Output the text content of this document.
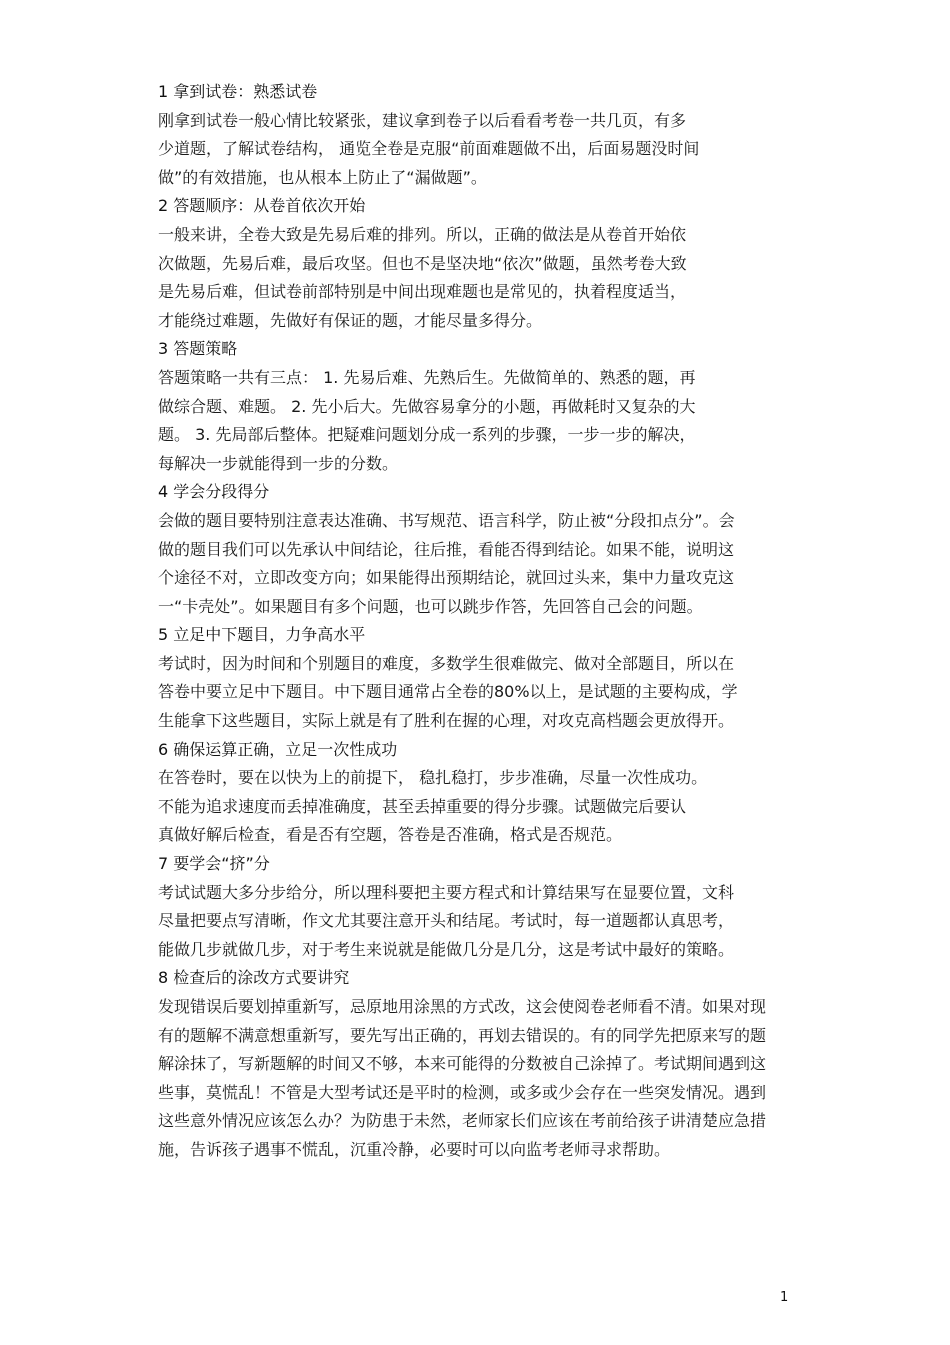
1 拿到试卷：熟悉试卷
刚拿到试卷一般心情比较紧张，建议拿到卷子以后看看考卷一共几页，有多
少道题，了解试卷结构， 通览全卷是克服“前面难题做不出，后面易题没时间
做”的有效措施，也从根本上防止了“漏做题”。
2 答题顺序：从卷首依次开始
一般来讲，全卷大致是先易后难的排列。所以，正确的做法是从卷首开始依
次做题，先易后难，最后攻坚。但也不是坚决地“依次”做题，虽然考卷大致
是先易后难，但试卷前部特别是中间出现难题也是常见的，执着程度适当，
才能绕过难题，先做好有保证的题，才能尽量多得分。
3 答题策略
答题策略一共有三点： 1. 先易后难、先熟后生。先做简单的、熟悉的题，再
做综合题、难题。 2. 先小后大。先做容易拿分的小题，再做耗时又复杂的大
题。 3. 先局部后整体。把疑难问题划分成一系列的步骤，一步一步的解决，
每解决一步就能得到一步的分数。
4 学会分段得分
会做的题目要特别注意表达准确、书写规范、语言科学，防止被“分段扣点分”。会
做的题目我们可以先承认中间结论，往后推，看能否得到结论。如果不能，说明这
个途径不对，立即改变方向；如果能得出预期结论，就回过头来，集中力量攻克这
一“卡壳处”。如果题目有多个问题，也可以跳步作答，先回答自己会的问题。
5 立足中下题目，力争高水平
考试时，因为时间和个别题目的难度，多数学生很难做完、做对全部题目，所以在
答卷中要立足中下题目。中下题目通常占全卷的80%以上，是试题的主要构成，学
生能拿下这些题目，实际上就是有了胜利在握的心理，对攻克高档题会更放得开。
6 确保运算正确，立足一次性成功
在答卷时，要在以快为上的前提下， 稳扎稳打，步步准确，尽量一次性成功。
不能为追求速度而丢掉准确度，甚至丢掉重要的得分步骤。试题做完后要认
真做好解后检查，看是否有空题，答卷是否准确，格式是否规范。
7 要学会“挤”分
考试试题大多分步给分，所以理科要把主要方程式和计算结果写在显要位置，文科
尽量把要点写清晰，作文尤其要注意开头和结尾。考试时，每一道题都认真思考，
能做几步就做几步，对于考生来说就是能做几分是几分，这是考试中最好的策略。
8 检查后的涂改方式要讲究
发现错误后要划掉重新写，忌原地用涂黑的方式改，这会使阅卷老师看不清。如果对现
有的题解不满意想重新写，要先写出正确的，再划去错误的。有的同学先把原来写的题
解涂抹了，写新题解的时间又不够，本来可能得的分数被自己涂掉了。考试期间遇到这
些事，莫慌乱！不管是大型考试还是平时的检测，或多或少会存在一些突发情况。遇到
这些意外情况应该怎么办？为防患于未然，老师家长们应该在考前给孩子讲清楚应急措
施，告诉孩子遇事不慌乱，沉重冷静，必要时可以向监考老师寻求帮助。
1
